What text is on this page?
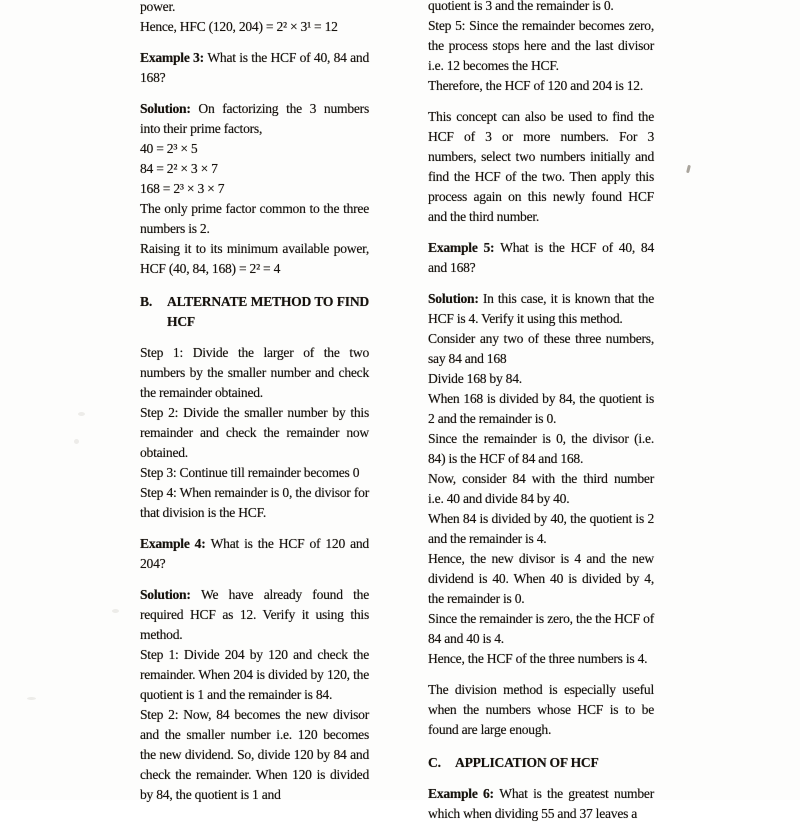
power.
Hence, HFC (120, 204) = 2² × 3¹ = 12
Example 3: What is the HCF of 40, 84 and 168?
Solution: On factorizing the 3 numbers into their prime factors,
40 = 2³ × 5
84 = 2² × 3 × 7
168 = 2³ × 3 × 7
The only prime factor common to the three numbers is 2.
Raising it to its minimum available power, HCF (40, 84, 168) = 2² = 4
B.	ALTERNATE METHOD TO FIND HCF
Step 1: Divide the larger of the two numbers by the smaller number and check the remainder obtained.
Step 2: Divide the smaller number by this remainder and check the remainder now obtained.
Step 3: Continue till remainder becomes 0
Step 4: When remainder is 0, the divisor for that division is the HCF.
Example 4: What is the HCF of 120 and 204?
Solution: We have already found the required HCF as 12. Verify it using this method.
Step 1: Divide 204 by 120 and check the remainder. When 204 is divided by 120, the quotient is 1 and the remainder is 84.
Step 2: Now, 84 becomes the new divisor and the smaller number i.e. 120 becomes the new dividend. So, divide 120 by 84 and check the remainder. When 120 is divided by 84, the quotient is 1 and
quotient is 3 and the remainder is 0.
Step 5: Since the remainder becomes zero, the process stops here and the last divisor i.e. 12 becomes the HCF.
Therefore, the HCF of 120 and 204 is 12.
This concept can also be used to find the HCF of 3 or more numbers. For 3 numbers, select two numbers initially and find the HCF of the two. Then apply this process again on this newly found HCF and the third number.
Example 5: What is the HCF of 40, 84 and 168?
Solution: In this case, it is known that the HCF is 4. Verify it using this method.
Consider any two of these three numbers, say 84 and 168
Divide 168 by 84.
When 168 is divided by 84, the quotient is 2 and the remainder is 0.
Since the remainder is 0, the divisor (i.e. 84) is the HCF of 84 and 168.
Now, consider 84 with the third number i.e. 40 and divide 84 by 40.
When 84 is divided by 40, the quotient is 2 and the remainder is 4.
Hence, the new divisor is 4 and the new dividend is 40. When 40 is divided by 4, the remainder is 0.
Since the remainder is zero, the the HCF of 84 and 40 is 4.
Hence, the HCF of the three numbers is 4.
The division method is especially useful when the numbers whose HCF is to be found are large enough.
C.	APPLICATION OF HCF
Example 6: What is the greatest number which when dividing 55 and 37 leaves a
